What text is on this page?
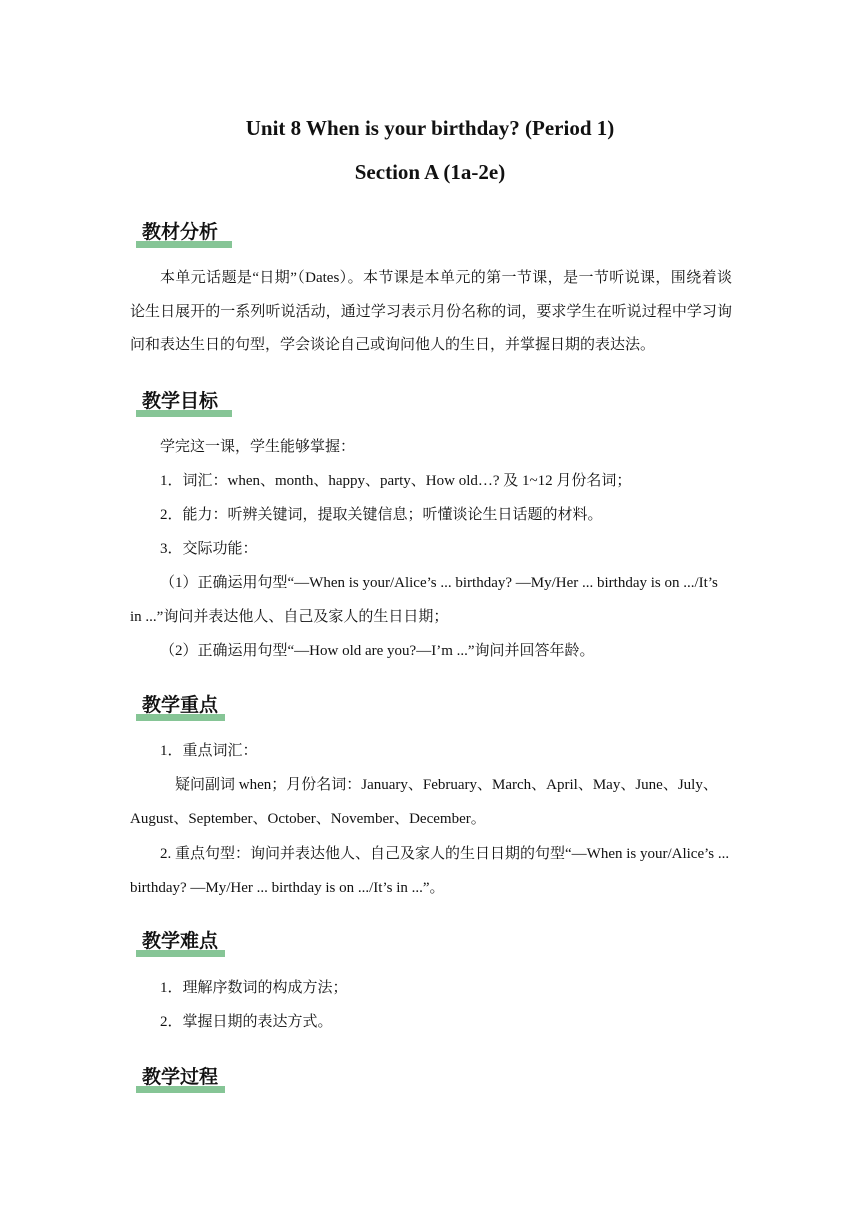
Unit 8 When is your birthday? (Period 1)
Section A (1a-2e)
教材分析
本单元话题是“日期”（Dates）。本节课是本单元的第一节课，是一节听说课，围绕着谈论生日展开的一系列听说活动，通过学习表示月份名称的词，要求学生在听说过程中学习询问和表达生日的句型，学会谈论自己或询问他人的生日，并掌握日期的表达法。
教学目标
学完这一课，学生能够掌握：
1．词汇：when、month、happy、party、How old…? 及 1~12 月份名词；
2．能力：听辨关键词，提取关键信息；听懂谈论生日话题的材料。
3．交际功能：
（1）正确运用句型“—When is your/Alice’s ... birthday? —My/Her ... birthday is on .../It’s
in ...”询问并表达他人、自己及家人的生日日期；
（2）正确运用句型“—How old are you?—I’m ...”询问并回答年龄。
教学重点
1．重点词汇：
疑问副词 when；月份名词：January、February、March、April、May、June、July、
August、September、October、November、December。
2. 重点句型：询问并表达他人、自己及家人的生日日期的句型“—When is your/Alice’s ...
birthday? —My/Her ... birthday is on .../It’s in ...”。
教学难点
1．理解序数词的构成方法；
2．掌握日期的表达方式。
教学过程
